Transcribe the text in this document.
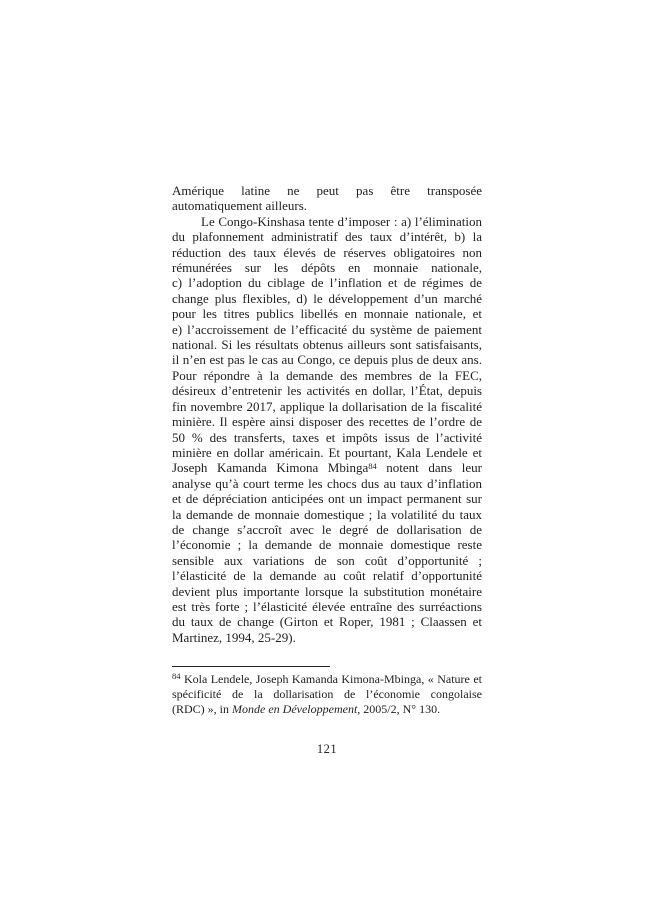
Amérique latine ne peut pas être transposée automatiquement ailleurs.

Le Congo-Kinshasa tente d’imposer : a) l’élimination du plafonnement administratif des taux d’intérêt, b) la réduction des taux élevés de réserves obligatoires non rémunérées sur les dépôts en monnaie nationale, c) l’adoption du ciblage de l’inflation et de régimes de change plus flexibles, d) le développement d’un marché pour les titres publics libellés en monnaie nationale, et e) l’accroissement de l’efficacité du système de paiement national. Si les résultats obtenus ailleurs sont satisfaisants, il n’en est pas le cas au Congo, ce depuis plus de deux ans. Pour répondre à la demande des membres de la FEC, désireux d’entretenir les activités en dollar, l’État, depuis fin novembre 2017, applique la dollarisation de la fiscalité minière. Il espère ainsi disposer des recettes de l’ordre de 50 % des transferts, taxes et impôts issus de l’activité minière en dollar américain. Et pourtant, Kala Lendele et Joseph Kamanda Kimona Mbinga$^{84}$ notent dans leur analyse qu’à court terme les chocs dus au taux d’inflation et de dépréciation anticipées ont un impact permanent sur la demande de monnaie domestique ; la volatilité du taux de change s’accroît avec le degré de dollarisation de l’économie ; la demande de monnaie domestique reste sensible aux variations de son coût d’opportunité ; l’élasticité de la demande au coût relatif d’opportunité devient plus importante lorsque la substitution monétaire est très forte ; l’élasticité élevée entraîne des surréactions du taux de change (Girton et Roper, 1981 ; Claassen et Martinez, 1994, 25-29).

$^{84}$ Kola Lendele, Joseph Kamanda Kimona-Mbinga, « Nature et spécificité de la dollarisation de l’économie congolaise (RDC) », in Monde en Développement, 2005/2, N° 130.

121
